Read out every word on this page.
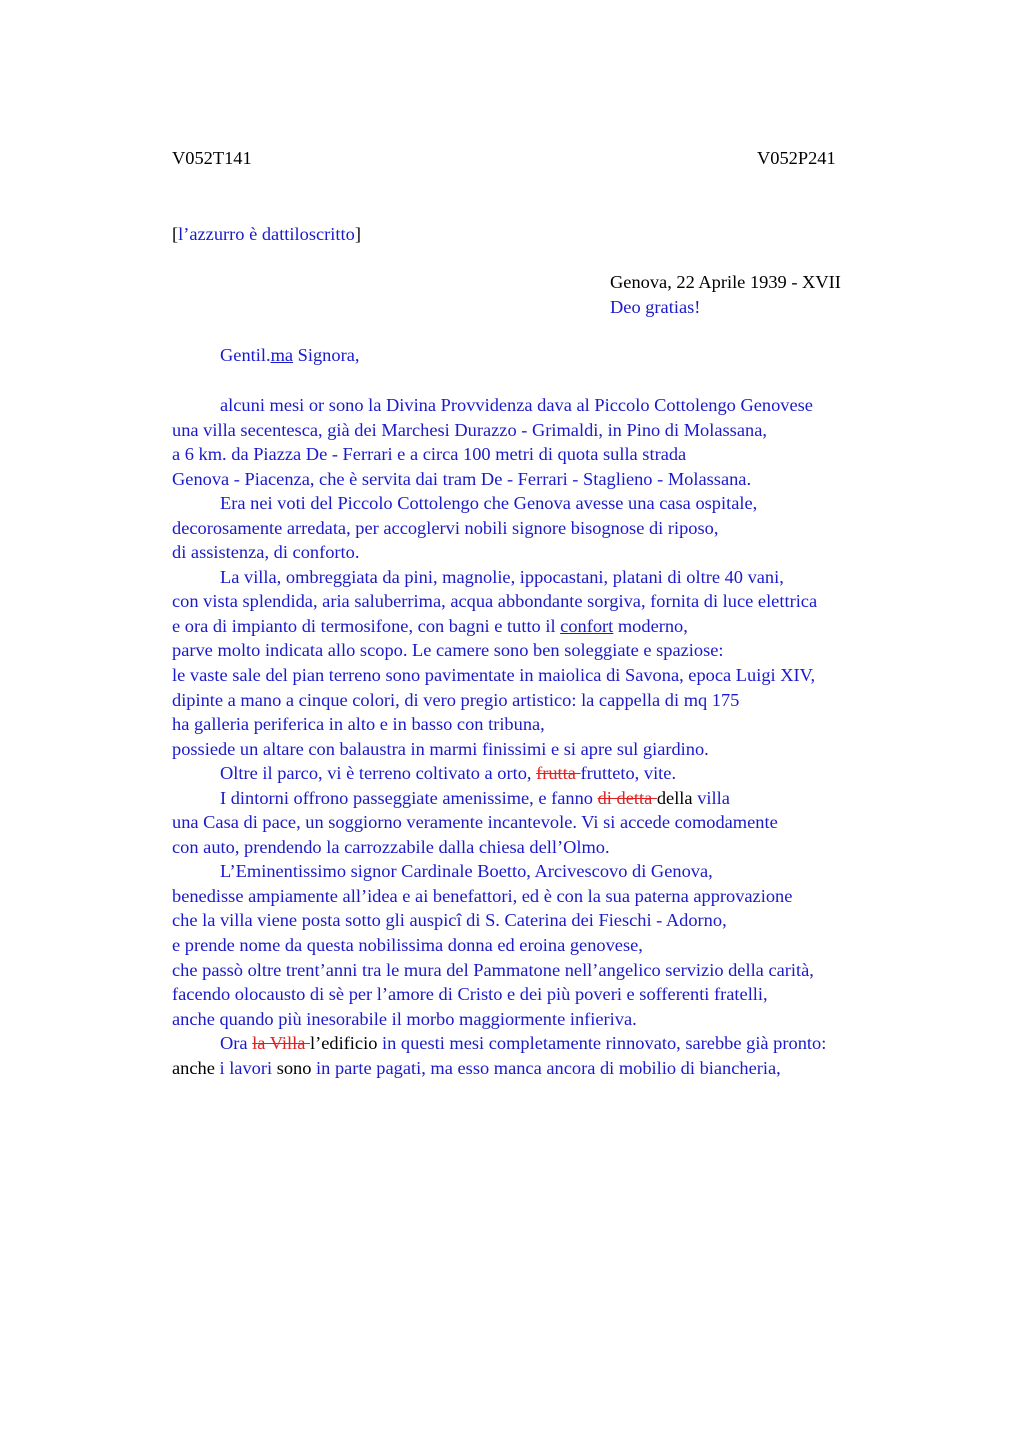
V052T141	V052P241
[l’azzurro è dattiloscritto]
Genova, 22 Aprile 1939 - XVII
Deo gratias!
Gentil.ma Signora,
alcuni mesi or sono la Divina Provvidenza dava al Piccolo Cottolengo Genovese
una villa secentesca, già dei Marchesi Durazzo - Grimaldi, in Pino di Molassana,
a 6 km. da Piazza De - Ferrari e a circa 100 metri di quota sulla strada
Genova - Piacenza, che è servita dai tram De - Ferrari - Staglieno - Molassana.
Era nei voti del Piccolo Cottolengo che Genova avesse una casa ospitale,
decorosamente arredata, per accoglervi nobili signore bisognose di riposo,
di assistenza, di conforto.
La villa, ombreggiata da pini, magnolie, ippocastani, platani di oltre 40 vani,
con vista splendida, aria saluberrima, acqua abbondante sorgiva, fornita di luce elettrica
e ora di impianto di termosifone, con bagni e tutto il confort moderno,
parve molto indicata allo scopo. Le camere sono ben soleggiate e spaziose:
le vaste sale del pian terreno sono pavimentate in maiolica di Savona, epoca Luigi XIV,
dipinte a mano a cinque colori, di vero pregio artistico: la cappella di mq 175
ha galleria periferica in alto e in basso con tribuna,
possiede un altare con balaustra in marmi finissimi e si apre sul giardino.
Oltre il parco, vi è terreno coltivato a orto, frutta frutteto, vite.
I dintorni offrono passeggiate amenissime, e fanno di detta della villa
una Casa di pace, un soggiorno veramente incantevole. Vi si accede comodamente
con auto, prendendo la carrozzabile dalla chiesa dell’Olmo.
L’Eminentissimo signor Cardinale Boetto, Arcivescovo di Genova,
benedisse ampiamente all’idea e ai benefattori, ed è con la sua paterna approvazione
che la villa viene posta sotto gli auspicî di S. Caterina dei Fieschi - Adorno,
e prende nome da questa nobilissima donna ed eroina genovese,
che passò oltre trent’anni tra le mura del Pammatone nell’angelico servizio della carità,
facendo olocausto di sè per l’amore di Cristo e dei più poveri e sofferenti fratelli,
anche quando più inesorabile il morbo maggiormente infieriva.
Ora la Villa l’edificio in questi mesi completamente rinnovato, sarebbe già pronto:
anche i lavori sono in parte pagati, ma esso manca ancora di mobilio di biancheria,
